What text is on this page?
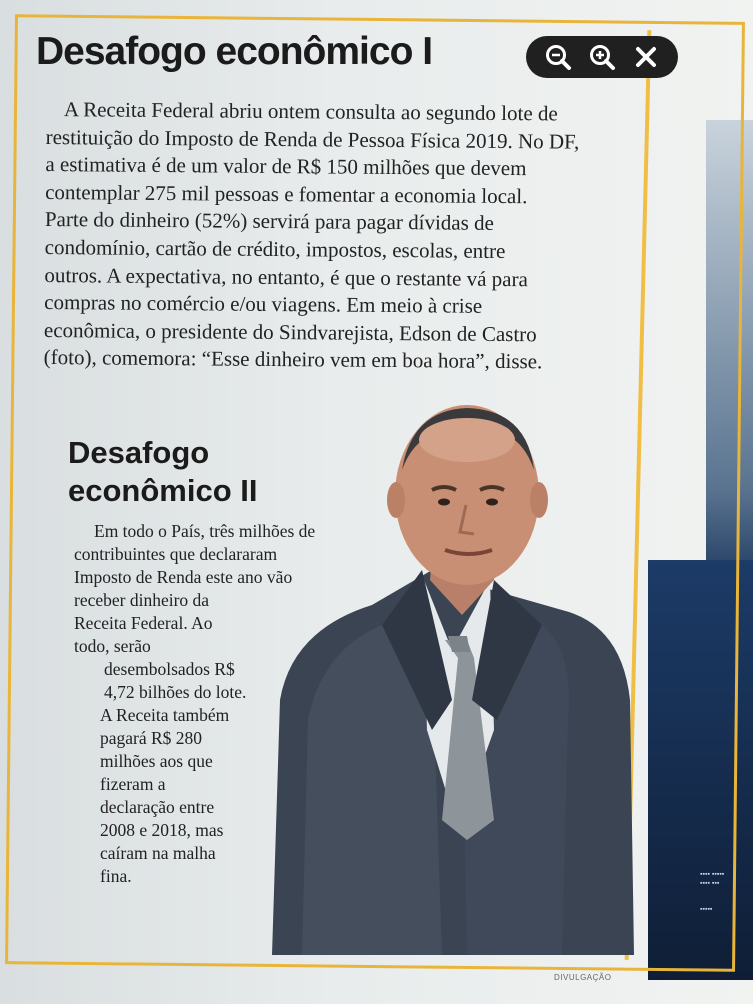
▪▪▪▪ ▪▪▪▪▪
▪▪▪▪ ▪▪▪
▪▪▪▪▪
Desafogo econômico I

A Receita Federal abriu ontem consulta ao segundo lote de
restituição do Imposto de Renda de Pessoa Física 2019. No DF,
a estimativa é de um valor de R$ 150 milhões que devem
contemplar 275 mil pessoas e fomentar a economia local.
Parte do dinheiro (52%) servirá para pagar dívidas de
condomínio, cartão de crédito, impostos, escolas, entre
outros. A expectativa, no entanto, é que o restante vá para
compras no comércio e/ou viagens. Em meio à crise
econômica, o presidente do Sindvarejista, Edson de Castro
(foto), comemora: “Esse dinheiro vem em boa hora”, disse.

Desafogo
econômico II

Em todo o País, três milhões de
contribuintes que declararam
Imposto de Renda este ano vão
receber dinheiro da
Receita Federal. Ao
todo, serão
desembolsados R$
4,72 bilhões do lote.
A Receita também
pagará R$ 280
milhões aos que
fizeram a
declaração entre
2008 e 2018, mas
caíram na malha
fina.

DIVULGAÇÃO
